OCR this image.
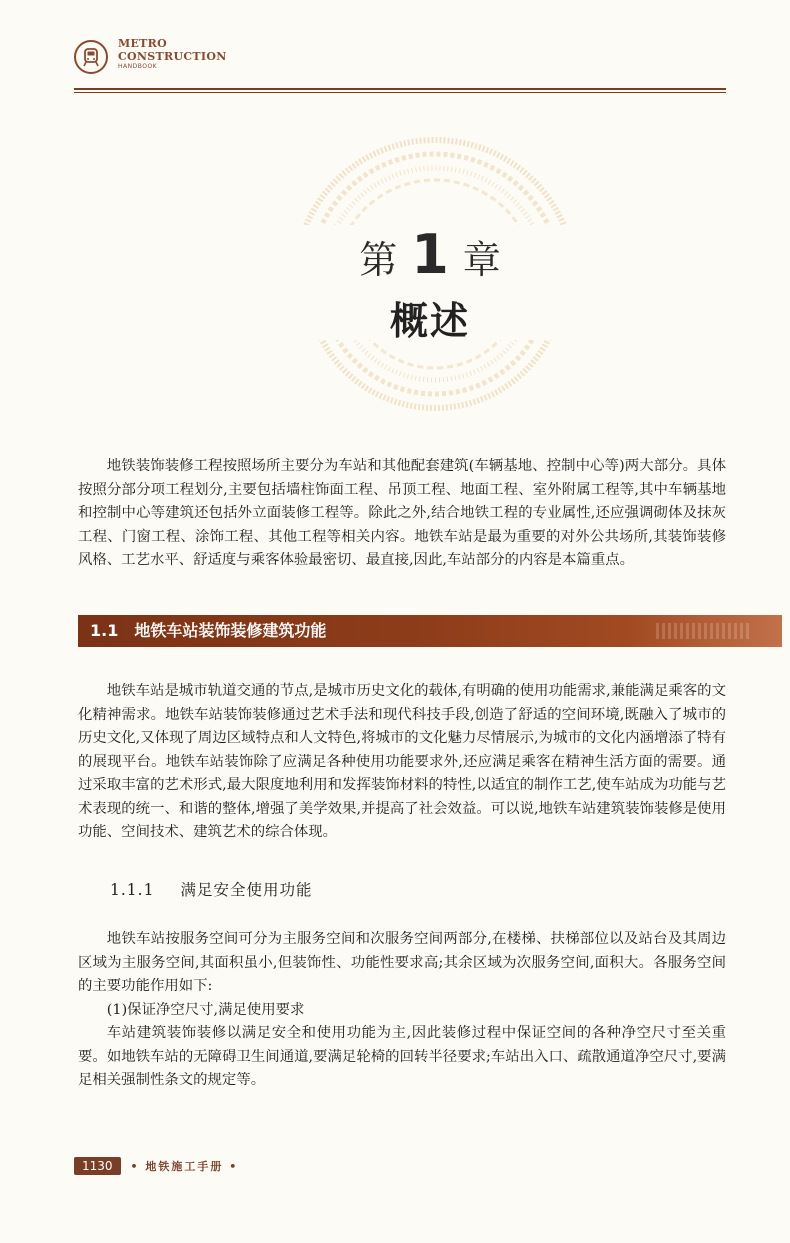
METRO
CONSTRUCTION
HANDBOOK
第 1 章
概述

地铁装饰装修工程按照场所主要分为车站和其他配套建筑(车辆基地、控制中心等)两大部分。具体按照分部分项工程划分,主要包括墙柱饰面工程、吊顶工程、地面工程、室外附属工程等,其中车辆基地和控制中心等建筑还包括外立面装修工程等。除此之外,结合地铁工程的专业属性,还应强调砌体及抹灰工程、门窗工程、涂饰工程、其他工程等相关内容。地铁车站是最为重要的对外公共场所,其装饰装修风格、工艺水平、舒适度与乘客体验最密切、最直接,因此,车站部分的内容是本篇重点。

1.1 地铁车站装饰装修建筑功能

地铁车站是城市轨道交通的节点,是城市历史文化的载体,有明确的使用功能需求,兼能满足乘客的文化精神需求。地铁车站装饰装修通过艺术手法和现代科技手段,创造了舒适的空间环境,既融入了城市的历史文化,又体现了周边区域特点和人文特色,将城市的文化魅力尽情展示,为城市的文化内涵增添了特有的展现平台。地铁车站装饰除了应满足各种使用功能要求外,还应满足乘客在精神生活方面的需要。通过采取丰富的艺术形式,最大限度地利用和发挥装饰材料的特性,以适宜的制作工艺,使车站成为功能与艺术表现的统一、和谐的整体,增强了美学效果,并提高了社会效益。可以说,地铁车站建筑装饰装修是使用功能、空间技术、建筑艺术的综合体现。

1.1.1 满足安全使用功能

地铁车站按服务空间可分为主服务空间和次服务空间两部分,在楼梯、扶梯部位以及站台及其周边区域为主服务空间,其面积虽小,但装饰性、功能性要求高;其余区域为次服务空间,面积大。各服务空间的主要功能作用如下:

(1)保证净空尺寸,满足使用要求

车站建筑装饰装修以满足安全和使用功能为主,因此装修过程中保证空间的各种净空尺寸至关重要。如地铁车站的无障碍卫生间通道,要满足轮椅的回转半径要求;车站出入口、疏散通道净空尺寸,要满足相关强制性条文的规定等。

1130 • 地铁施工手册 •
